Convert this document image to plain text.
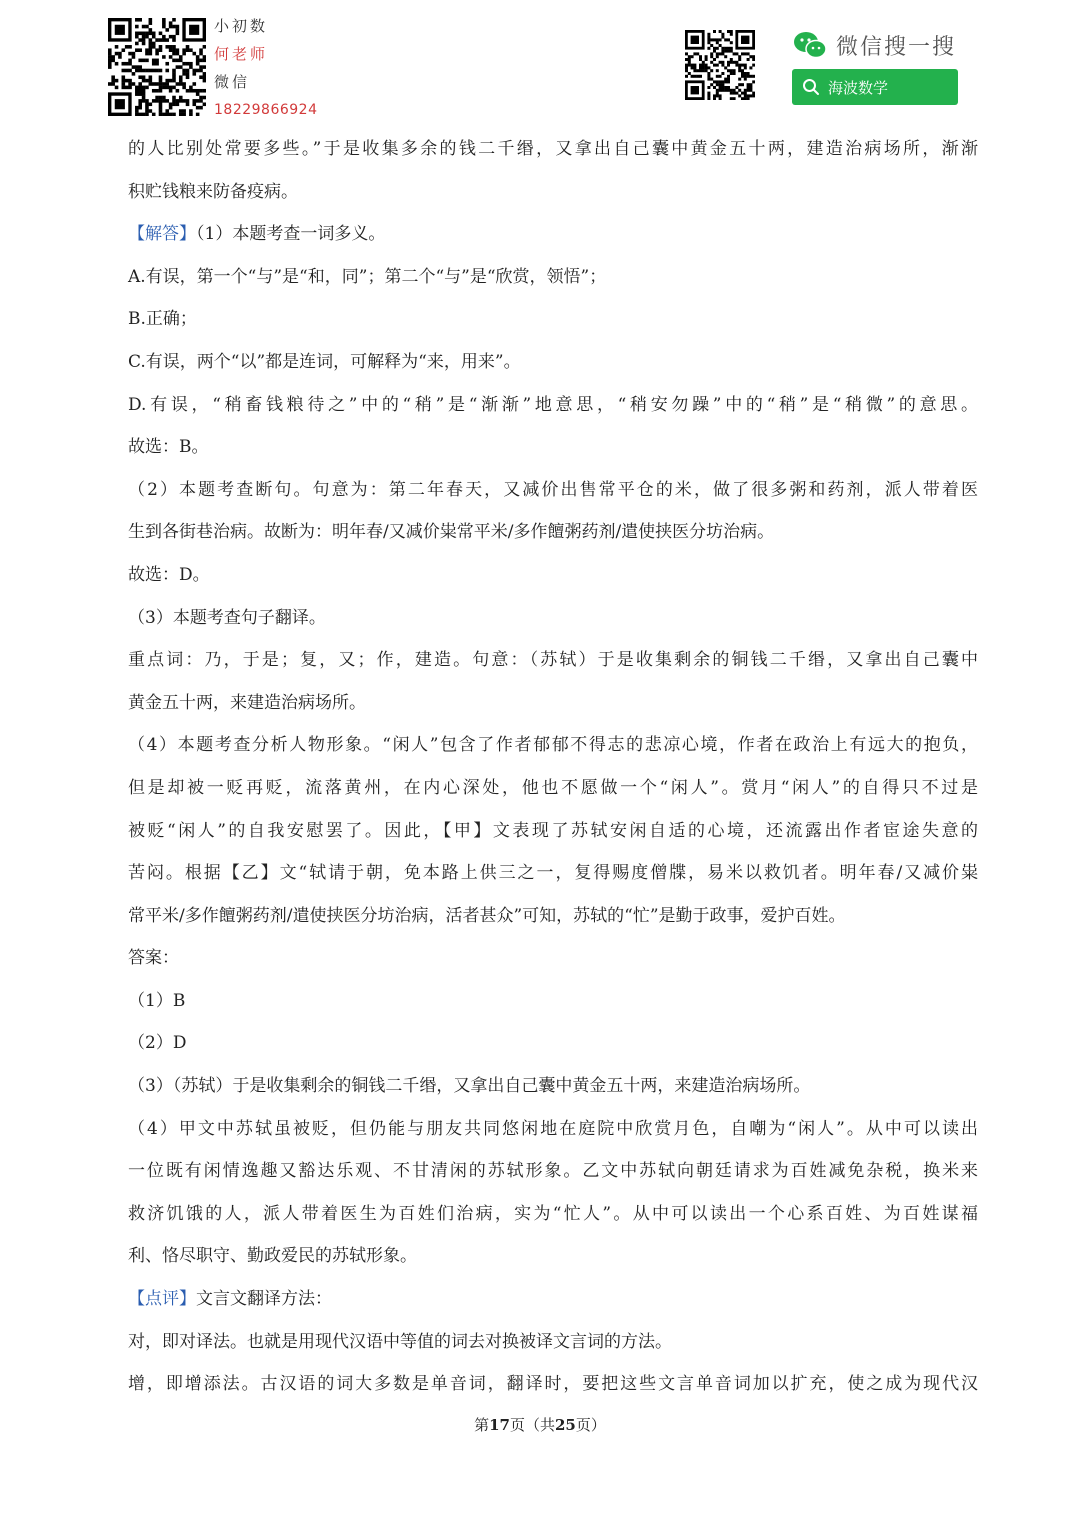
小初数
何老师
微信
18229866924
微信搜一搜
海波数学
的人比别处常要多些。”于是收集多余的钱二千缗，又拿出自己囊中黄金五十两，建造治病场所，渐渐
积贮钱粮来防备疫病。
【解答】（1）本题考查一词多义。
A.有误，第一个“与”是“和，同”；第二个“与”是“欣赏，领悟”；
B.正确；
C.有误，两个“以”都是连词，可解释为“来，用来”。
D.有误，“稍畜钱粮待之”中的“稍”是“渐渐”地意思，“稍安勿躁”中的“稍”是“稍微”的意思。
故选：B。
（2）本题考查断句。句意为：第二年春天，又减价出售常平仓的米，做了很多粥和药剂，派人带着医
生到各街巷治病。故断为：明年春/又减价粜常平米/多作饘粥药剂/遣使挟医分坊治病。
故选：D。
（3）本题考查句子翻译。
重点词：乃，于是；复，又；作，建造。句意：（苏轼）于是收集剩余的铜钱二千缗，又拿出自己囊中
黄金五十两，来建造治病场所。
（4）本题考查分析人物形象。“闲人”包含了作者郁郁不得志的悲凉心境，作者在政治上有远大的抱负，
但是却被一贬再贬，流落黄州，在内心深处，他也不愿做一个“闲人”。赏月“闲人”的自得只不过是
被贬“闲人”的自我安慰罢了。因此，【甲】文表现了苏轼安闲自适的心境，还流露出作者宦途失意的
苦闷。根据【乙】文“轼请于朝，免本路上供三之一，复得赐度僧牒，易米以救饥者。明年春/又减价粜
常平米/多作饘粥药剂/遣使挟医分坊治病，活者甚众”可知，苏轼的“忙”是勤于政事，爱护百姓。
答案：
（1）B
（2）D
（3）（苏轼）于是收集剩余的铜钱二千缗，又拿出自己囊中黄金五十两，来建造治病场所。
（4）甲文中苏轼虽被贬，但仍能与朋友共同悠闲地在庭院中欣赏月色，自嘲为“闲人”。从中可以读出
一位既有闲情逸趣又豁达乐观、不甘清闲的苏轼形象。乙文中苏轼向朝廷请求为百姓减免杂税，换米来
救济饥饿的人，派人带着医生为百姓们治病，实为“忙人”。从中可以读出一个心系百姓、为百姓谋福
利、恪尽职守、勤政爱民的苏轼形象。
【点评】文言文翻译方法：
对，即对译法。也就是用现代汉语中等值的词去对换被译文言词的方法。
增，即增添法。古汉语的词大多数是单音词，翻译时，要把这些文言单音词加以扩充，使之成为现代汉
第17页（共25页）
